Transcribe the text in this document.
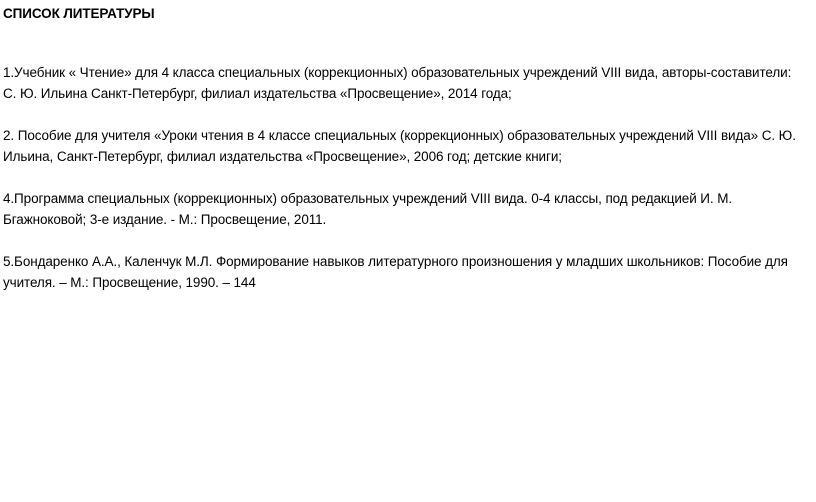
СПИСОК ЛИТЕРАТУРЫ

1.Учебник « Чтение» для 4 класса специальных (коррекционных) образовательных учреждений VIII вида, авторы-составители: С. Ю. Ильина Санкт-Петербург, филиал издательства «Просвещение», 2014 года;
2. Пособие для учителя «Уроки чтения в 4 классе специальных (коррекционных) образовательных учреждений VIII вида» С. Ю. Ильина, Санкт-Петербург, филиал издательства «Просвещение», 2006 год; детские книги;
4.Программа специальных (коррекционных) образовательных учреждений VIII вида. 0-4 классы, под редакцией И. М. Бгажноковой; 3-е издание. - М.: Просвещение, 2011.
5.Бондаренко А.А., Каленчук М.Л. Формирование навыков литературного произношения у младших школьников: Пособие для учителя. – М.: Просвещение, 1990. – 144
